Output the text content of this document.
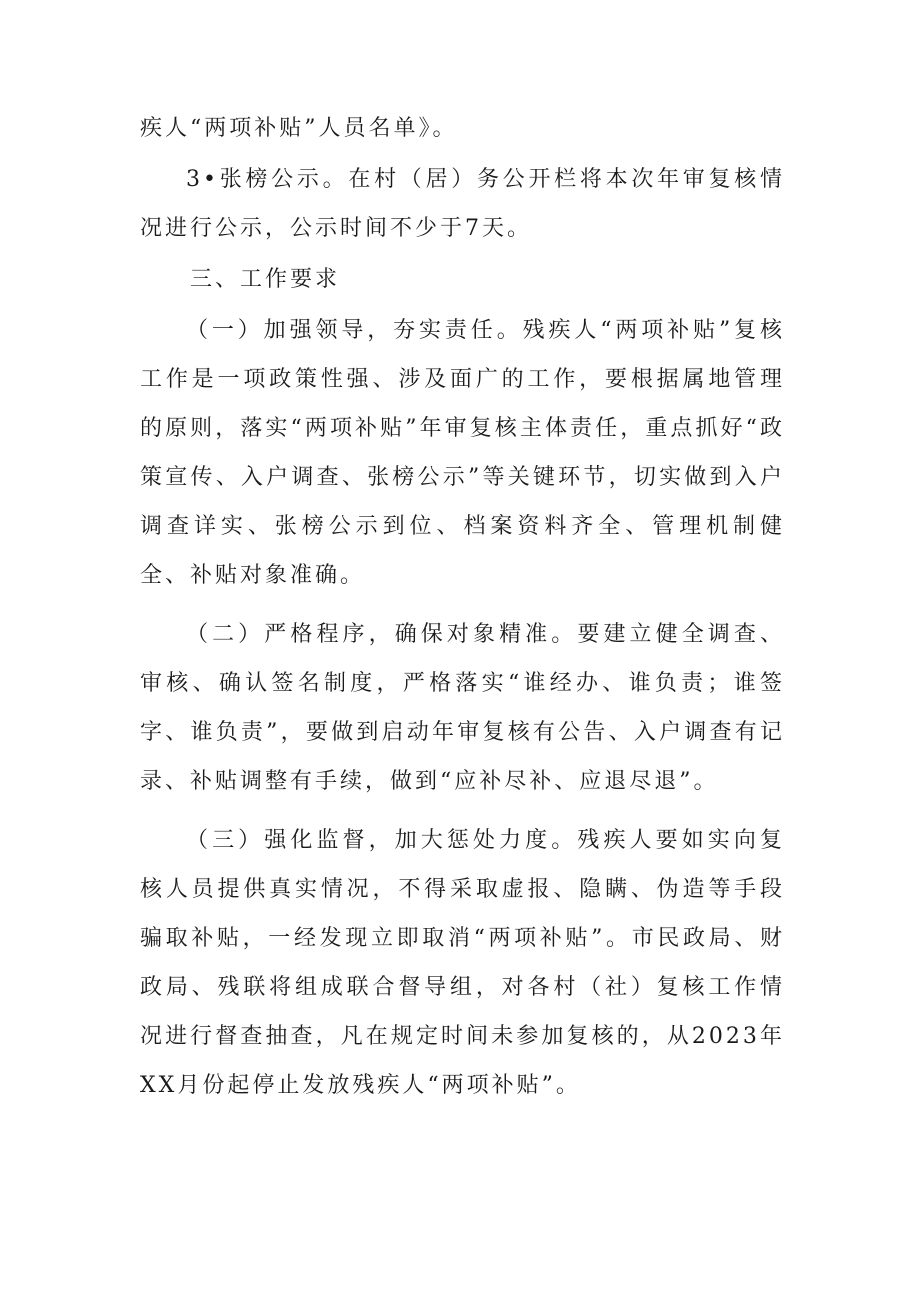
疾人“两项补贴”人员名单》。

3•张榜公示。在村（居）务公开栏将本次年审复核情况进行公示，公示时间不少于7天。

三、工作要求

（一）加强领导，夯实责任。残疾人“两项补贴”复核工作是一项政策性强、涉及面广的工作，要根据属地管理的原则，落实“两项补贴”年审复核主体责任，重点抓好“政策宣传、入户调查、张榜公示”等关键环节，切实做到入户调查详实、张榜公示到位、档案资料齐全、管理机制健全、补贴对象准确。

（二）严格程序，确保对象精准。要建立健全调查、审核、确认签名制度，严格落实“谁经办、谁负责；谁签字、谁负责”，要做到启动年审复核有公告、入户调查有记录、补贴调整有手续，做到“应补尽补、应退尽退”。

（三）强化监督，加大惩处力度。残疾人要如实向复核人员提供真实情况，不得采取虚报、隐瞒、伪造等手段骗取补贴，一经发现立即取消“两项补贴”。市民政局、财政局、残联将组成联合督导组，对各村（社）复核工作情况进行督查抽查，凡在规定时间未参加复核的，从2023年XX月份起停止发放残疾人“两项补贴”。
